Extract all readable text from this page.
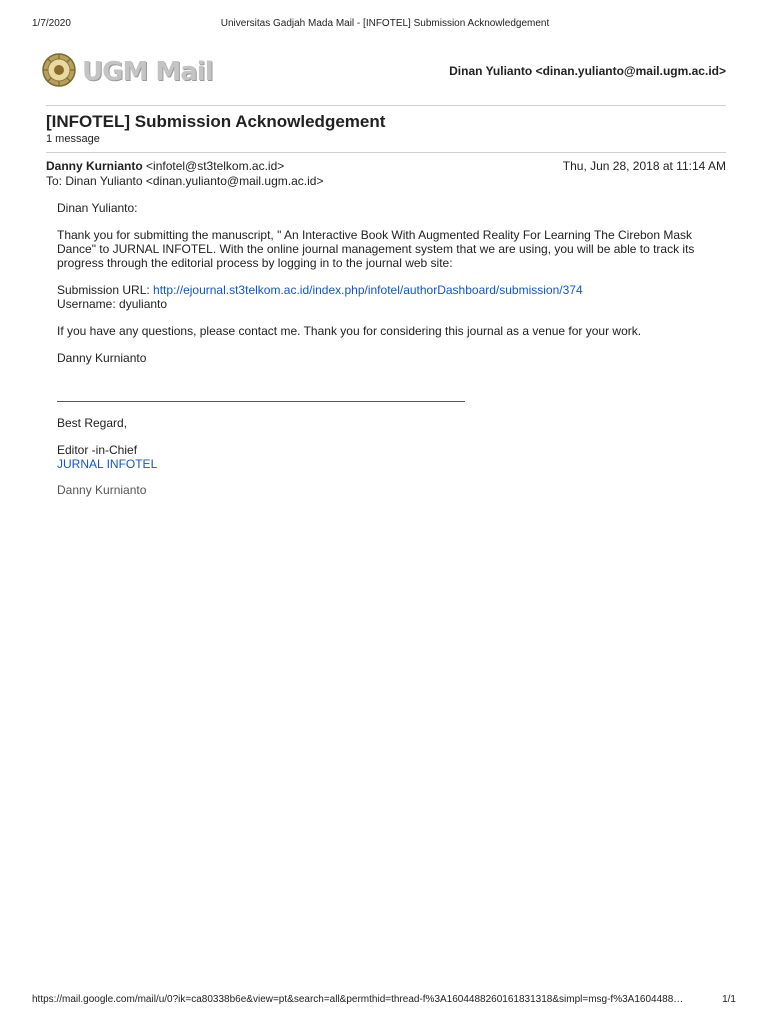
Universitas Gadjah Mada Mail - [INFOTEL] Submission Acknowledgement
1/7/2020
UGM Mail	Dinan Yulianto <dinan.yulianto@mail.ugm.ac.id>
[INFOTEL] Submission Acknowledgement
1 message
Danny Kurnianto <infotel@st3telkom.ac.id>	Thu, Jun 28, 2018 at 11:14 AM
To: Dinan Yulianto <dinan.yulianto@mail.ugm.ac.id>

Dinan Yulianto:

Thank you for submitting the manuscript, " An Interactive Book With Augmented Reality For Learning The Cirebon Mask Dance" to JURNAL INFOTEL. With the online journal management system that we are using, you will be able to track its progress through the editorial process by logging in to the journal web site:

Submission URL: http://ejournal.st3telkom.ac.id/index.php/infotel/authorDashboard/submission/374
Username: dyulianto

If you have any questions, please contact me. Thank you for considering this journal as a venue for your work.

Danny Kurnianto

Best Regard,

Editor -in-Chief
JURNAL INFOTEL

Danny Kurnianto

https://mail.google.com/mail/u/0?ik=ca80338b6e&view=pt&search=all&permthid=thread-f%3A1604488260161831318&simpl=msg-f%3A1604488…	1/1
